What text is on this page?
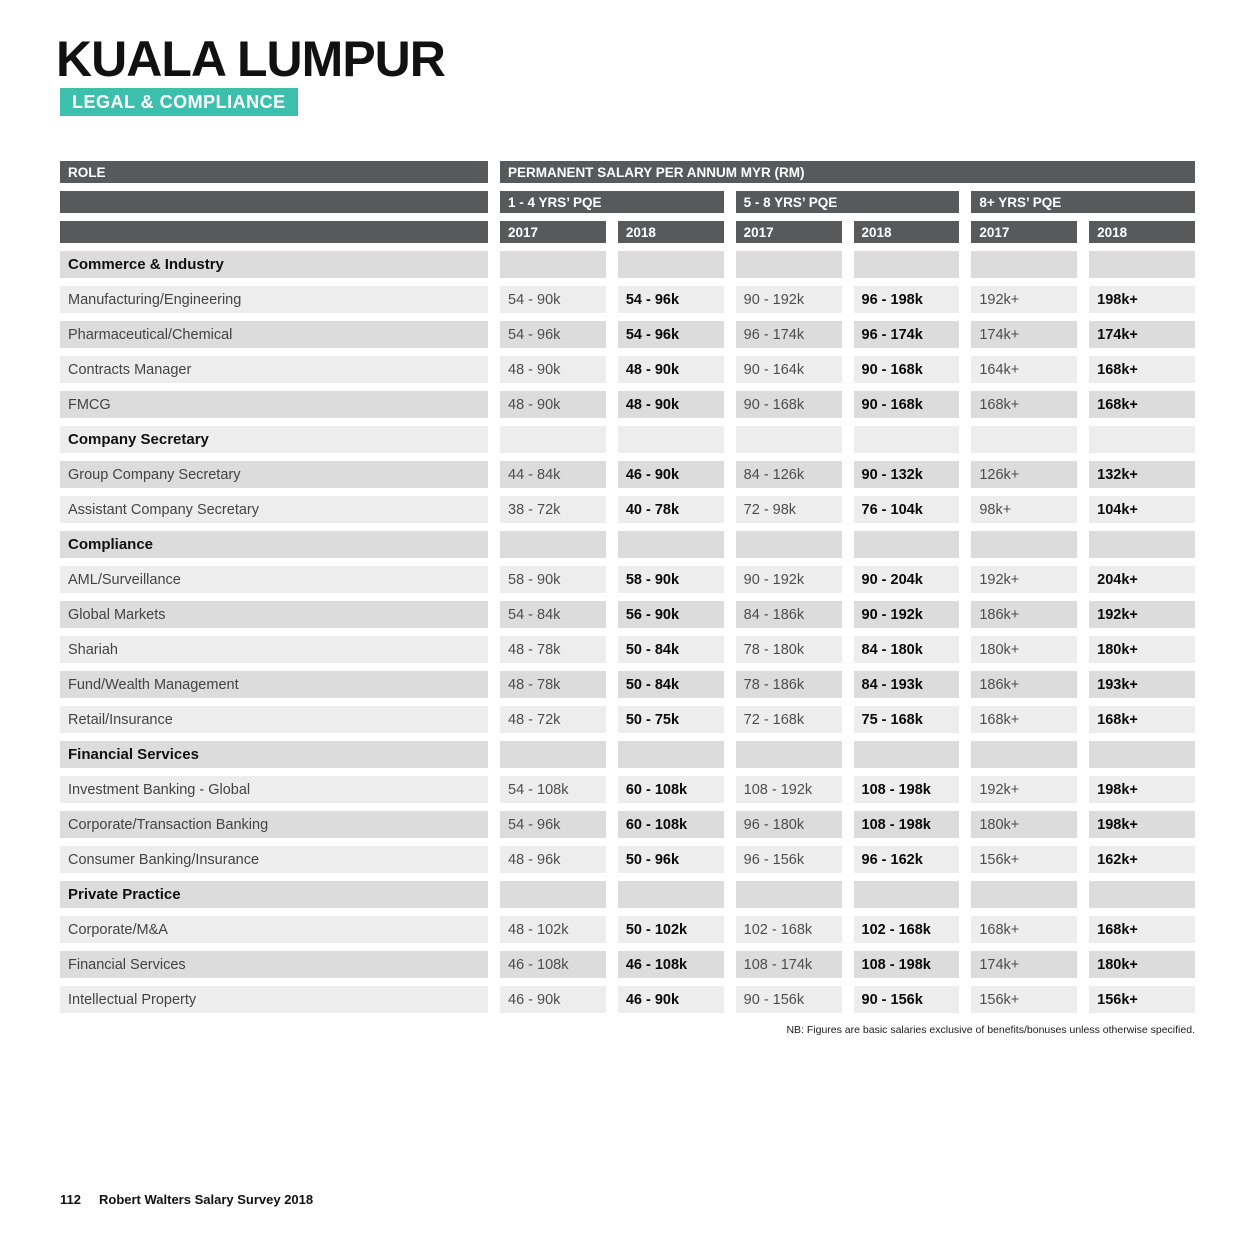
KUALA LUMPUR
LEGAL & COMPLIANCE
ROLE	PERMANENT SALARY PER ANNUM MYR (RM)
1 - 4 YRS’ PQE	5 - 8 YRS’ PQE	8+ YRS’ PQE
2017	2018	2017	2018	2017	2018
Commerce & Industry
Manufacturing/Engineering	54 - 90k	54 - 96k	90 - 192k	96 - 198k	192k+	198k+
Pharmaceutical/Chemical	54 - 96k	54 - 96k	96 - 174k	96 - 174k	174k+	174k+
Contracts Manager	48 - 90k	48 - 90k	90 - 164k	90 - 168k	164k+	168k+
FMCG	48 - 90k	48 - 90k	90 - 168k	90 - 168k	168k+	168k+
Company Secretary
Group Company Secretary	44 - 84k	46 - 90k	84 - 126k	90 - 132k	126k+	132k+
Assistant Company Secretary	38 - 72k	40 - 78k	72 - 98k	76 - 104k	98k+	104k+
Compliance
AML/Surveillance	58 - 90k	58 - 90k	90 - 192k	90 - 204k	192k+	204k+
Global Markets	54 - 84k	56 - 90k	84 - 186k	90 - 192k	186k+	192k+
Shariah	48 - 78k	50 - 84k	78 - 180k	84 - 180k	180k+	180k+
Fund/Wealth Management	48 - 78k	50 - 84k	78 - 186k	84 - 193k	186k+	193k+
Retail/Insurance	48 - 72k	50 - 75k	72 - 168k	75 - 168k	168k+	168k+
Financial Services
Investment Banking - Global	54 - 108k	60 - 108k	108 - 192k	108 - 198k	192k+	198k+
Corporate/Transaction Banking	54 - 96k	60 - 108k	96 - 180k	108 - 198k	180k+	198k+
Consumer Banking/Insurance	48 - 96k	50 - 96k	96 - 156k	96 - 162k	156k+	162k+
Private Practice
Corporate/M&A	48 - 102k	50 - 102k	102 - 168k	102 - 168k	168k+	168k+
Financial Services	46 - 108k	46 - 108k	108 - 174k	108 - 198k	174k+	180k+
Intellectual Property	46 - 90k	46 - 90k	90 - 156k	90 - 156k	156k+	156k+
NB: Figures are basic salaries exclusive of benefits/bonuses unless otherwise specified.
112 Robert Walters Salary Survey 2018
